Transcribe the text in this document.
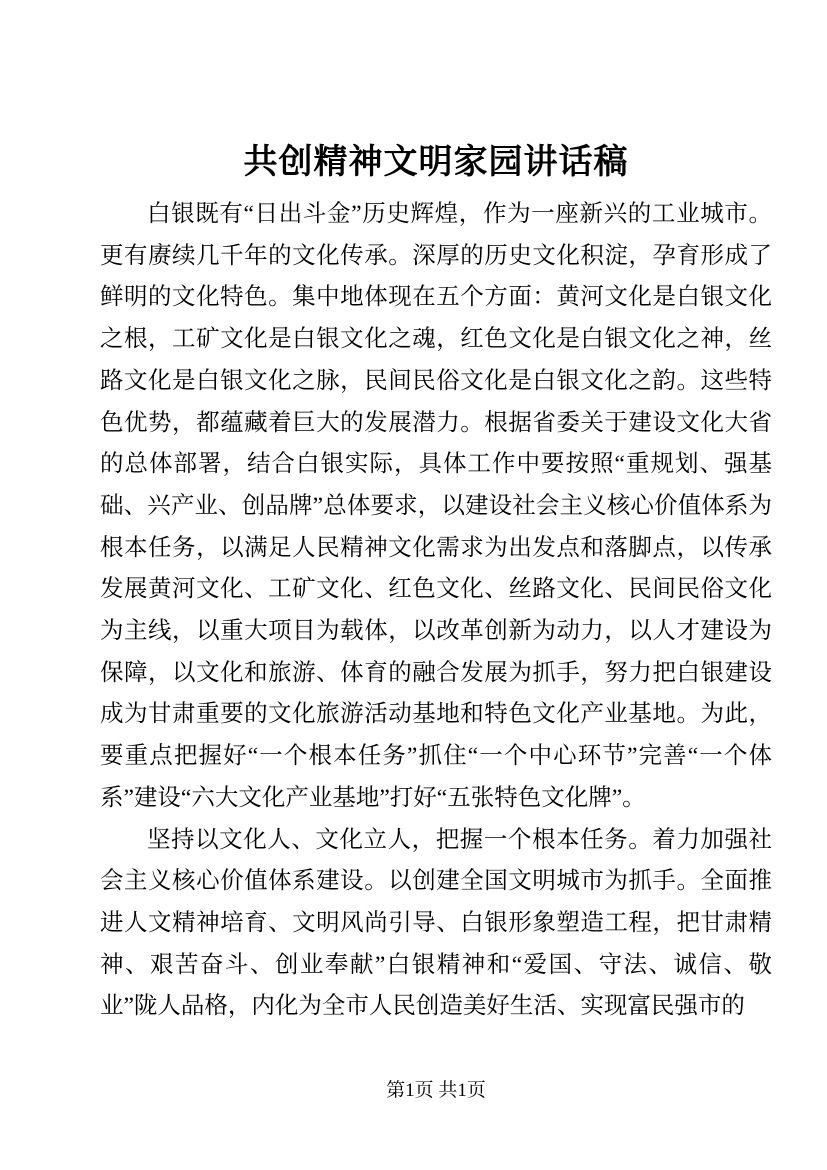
共创精神文明家园讲话稿

白银既有“日出斗金”历史辉煌，作为一座新兴的工业城市。更有赓续几千年的文化传承。深厚的历史文化积淀，孕育形成了鲜明的文化特色。集中地体现在五个方面：黄河文化是白银文化之根，工矿文化是白银文化之魂，红色文化是白银文化之神，丝路文化是白银文化之脉，民间民俗文化是白银文化之韵。这些特色优势，都蕴藏着巨大的发展潜力。根据省委关于建设文化大省的总体部署，结合白银实际，具体工作中要按照“重规划、强基础、兴产业、创品牌”总体要求，以建设社会主义核心价值体系为根本任务，以满足人民精神文化需求为出发点和落脚点，以传承发展黄河文化、工矿文化、红色文化、丝路文化、民间民俗文化为主线，以重大项目为载体，以改革创新为动力，以人才建设为保障，以文化和旅游、体育的融合发展为抓手，努力把白银建设成为甘肃重要的文化旅游活动基地和特色文化产业基地。为此，要重点把握好“一个根本任务”抓住“一个中心环节”完善“一个体系”建设“六大文化产业基地”打好“五张特色文化牌”。

坚持以文化人、文化立人，把握一个根本任务。着力加强社会主义核心价值体系建设。以创建全国文明城市为抓手。全面推进人文精神培育、文明风尚引导、白银形象塑造工程，把甘肃精神、艰苦奋斗、创业奉献”白银精神和“爱国、守法、诚信、敬业”陇人品格，内化为全市人民创造美好生活、实现富民强市的

第1页 共1页
